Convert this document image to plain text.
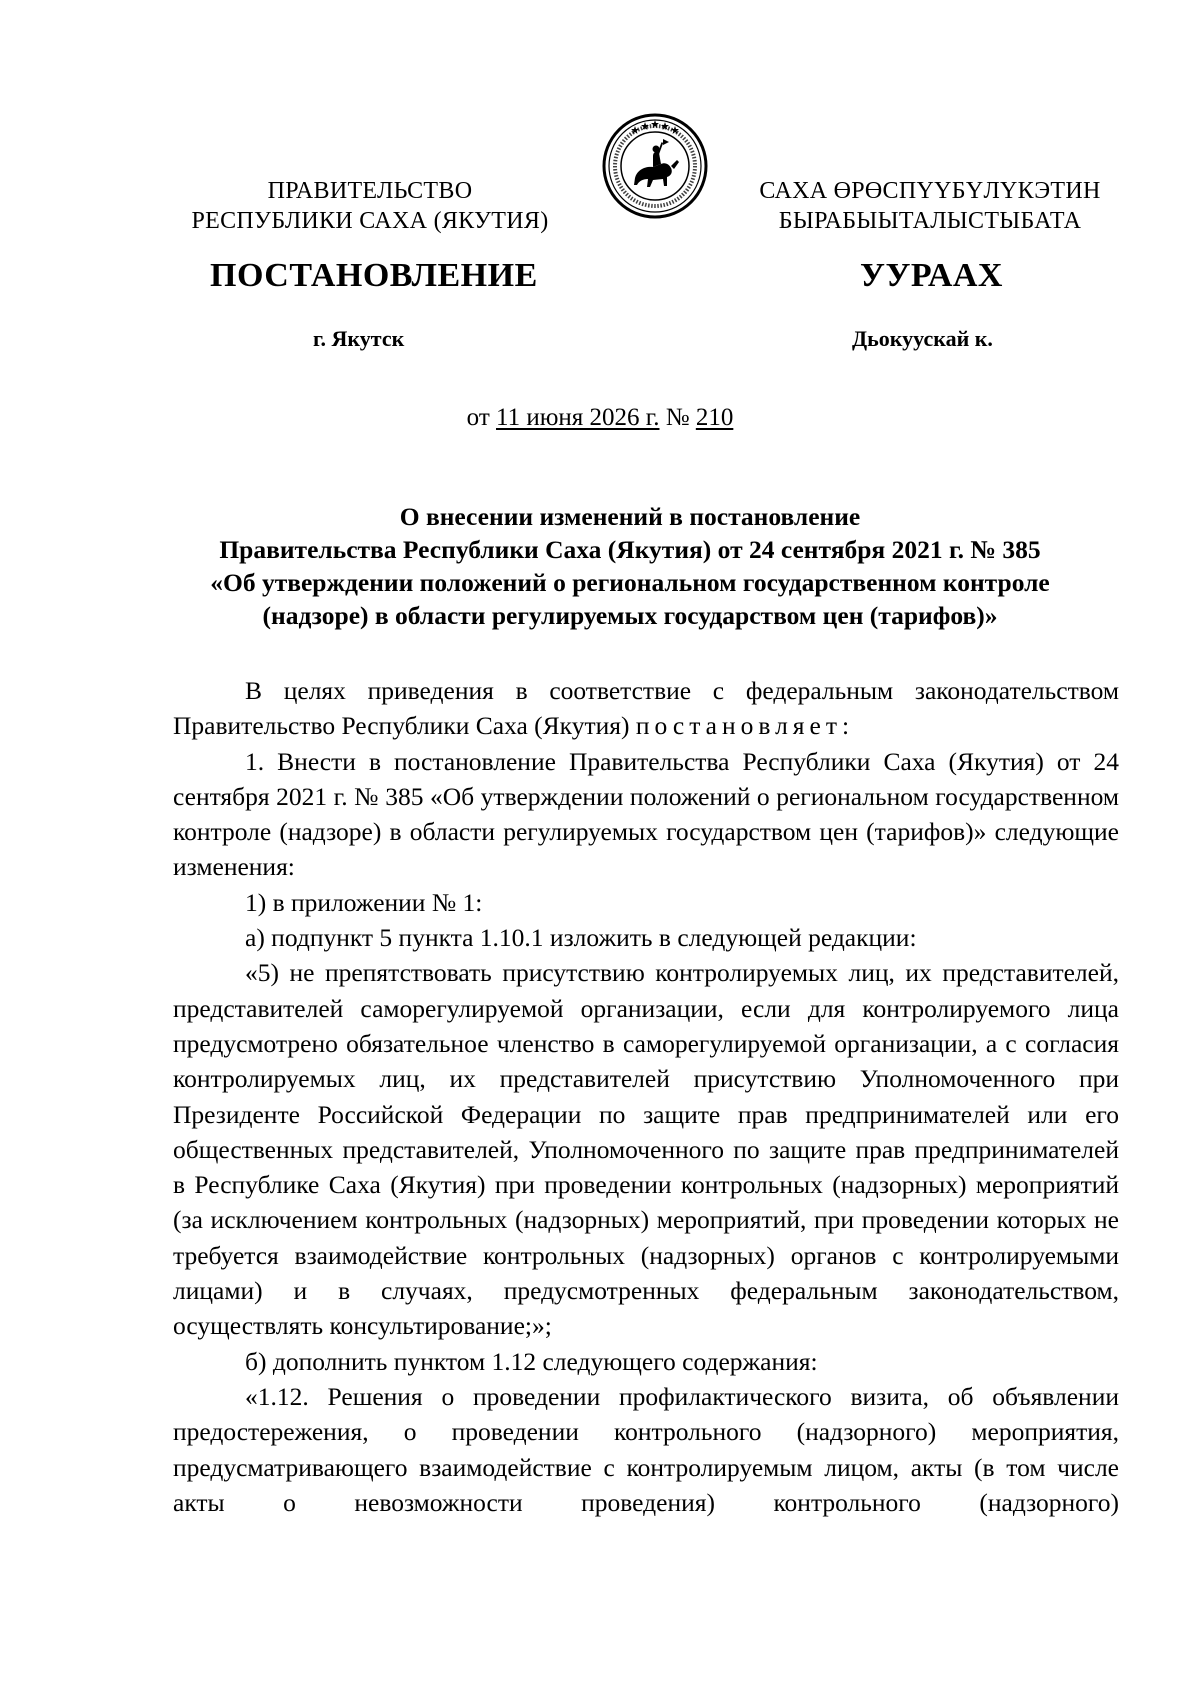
ПРАВИТЕЛЬСТВО
РЕСПУБЛИКИ САХА (ЯКУТИЯ)
САХА ӨРӨСПҮҮБҮЛҮКЭТИН
БЫРАБЫЫТАЛЫСТЫБАТА
ПОСТАНОВЛЕНИЕ	УУРААХ
г. Якутск	Дьокуускай к.
от 11 июня 2026 г. № 210
О внесении изменений в постановление
Правительства Республики Саха (Якутия) от 24 сентября 2021 г. № 385
«Об утверждении положений о региональном государственном контроле
(надзоре) в области регулируемых государством цен (тарифов)»

В целях приведения в соответствие с федеральным законодательством Правительство Республики Саха (Якутия) постановляет:

1. Внести в постановление Правительства Республики Саха (Якутия) от 24 сентября 2021 г. № 385 «Об утверждении положений о региональном государственном контроле (надзоре) в области регулируемых государством цен (тарифов)» следующие изменения:

1) в приложении № 1:

а) подпункт 5 пункта 1.10.1 изложить в следующей редакции:

«5) не препятствовать присутствию контролируемых лиц, их представителей, представителей саморегулируемой организации, если для контролируемого лица предусмотрено обязательное членство в саморегулируемой организации, а с согласия контролируемых лиц, их представителей присутствию Уполномоченного при Президенте Российской Федерации по защите прав предпринимателей или его общественных представителей, Уполномоченного по защите прав предпринимателей в Республике Саха (Якутия) при проведении контрольных (надзорных) мероприятий (за исключением контрольных (надзорных) мероприятий, при проведении которых не требуется взаимодействие контрольных (надзорных) органов с контролируемыми лицами) и в случаях, предусмотренных федеральным законодательством, осуществлять консультирование;»;

б) дополнить пунктом 1.12 следующего содержания:

«1.12. Решения о проведении профилактического визита, об объявлении предостережения, о проведении контрольного (надзорного) мероприятия, предусматривающего взаимодействие с контролируемым лицом, акты (в том числе акты о невозможности проведения) контрольного (надзорного)
